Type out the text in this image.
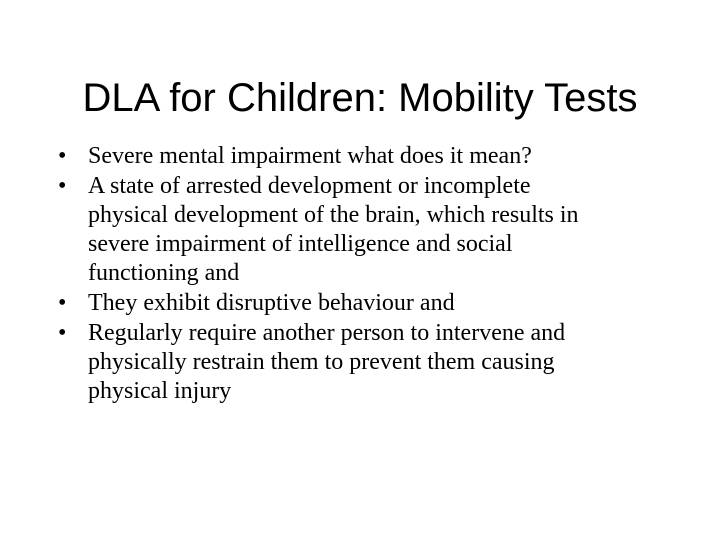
DLA for Children: Mobility Tests
• Severe mental impairment what does it mean?
• A state of arrested development or incomplete
physical development of the brain, which results in
severe impairment of intelligence and social
functioning and
• They exhibit disruptive behaviour and
• Regularly require another person to intervene and
physically restrain them to prevent them causing
physical injury
